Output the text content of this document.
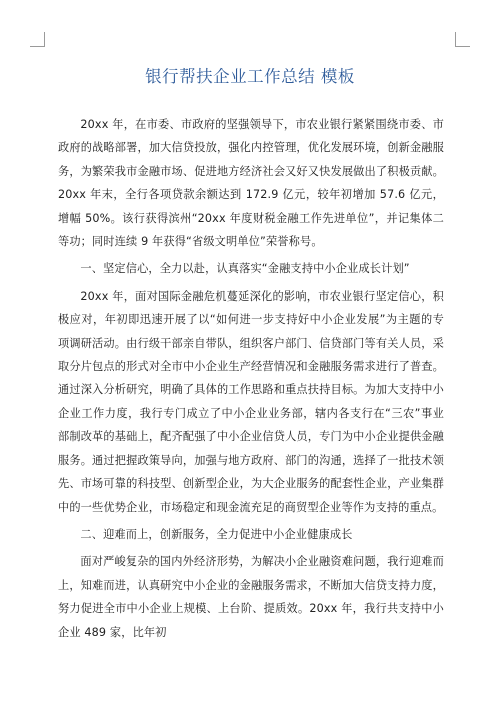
银行帮扶企业工作总结 模板

20xx 年，在市委、市政府的坚强领导下，市农业银行紧紧围绕市委、市政府的战略部署，加大信贷投放，强化内控管理，优化发展环境，创新金融服务，为繁荣我市金融市场、促进地方经济社会又好又快发展做出了积极贡献。20xx 年末，全行各项贷款余额达到 172.9 亿元，较年初增加 57.6 亿元，增幅 50%。该行获得滨州“20xx 年度财税金融工作先进单位”，并记集体二等功；同时连续 9 年获得“省级文明单位”荣誉称号。

一、坚定信心，全力以赴，认真落实“金融支持中小企业成长计划”

20xx 年，面对国际金融危机蔓延深化的影响，市农业银行坚定信心，积极应对，年初即迅速开展了以“如何进一步支持好中小企业发展”为主题的专项调研活动。由行级干部亲自带队，组织客户部门、信贷部门等有关人员，采取分片包点的形式对全市中小企业生产经营情况和金融服务需求进行了普查。通过深入分析研究，明确了具体的工作思路和重点扶持目标。为加大支持中小企业工作力度，我行专门成立了中小企业业务部，辖内各支行在“三农”事业部制改革的基础上，配齐配强了中小企业信贷人员，专门为中小企业提供金融服务。通过把握政策导向，加强与地方政府、部门的沟通，选择了一批技术领先、市场可靠的科技型、创新型企业，为大企业服务的配套性企业，产业集群中的一些优势企业，市场稳定和现金流充足的商贸型企业等作为支持的重点。

二、迎难而上，创新服务，全力促进中小企业健康成长

面对严峻复杂的国内外经济形势，为解决小企业融资难问题，我行迎难而上，知难而进，认真研究中小企业的金融服务需求，不断加大信贷支持力度，努力促进全市中小企业上规模、上台阶、提质效。20xx 年，我行共支持中小企业 489 家，比年初
